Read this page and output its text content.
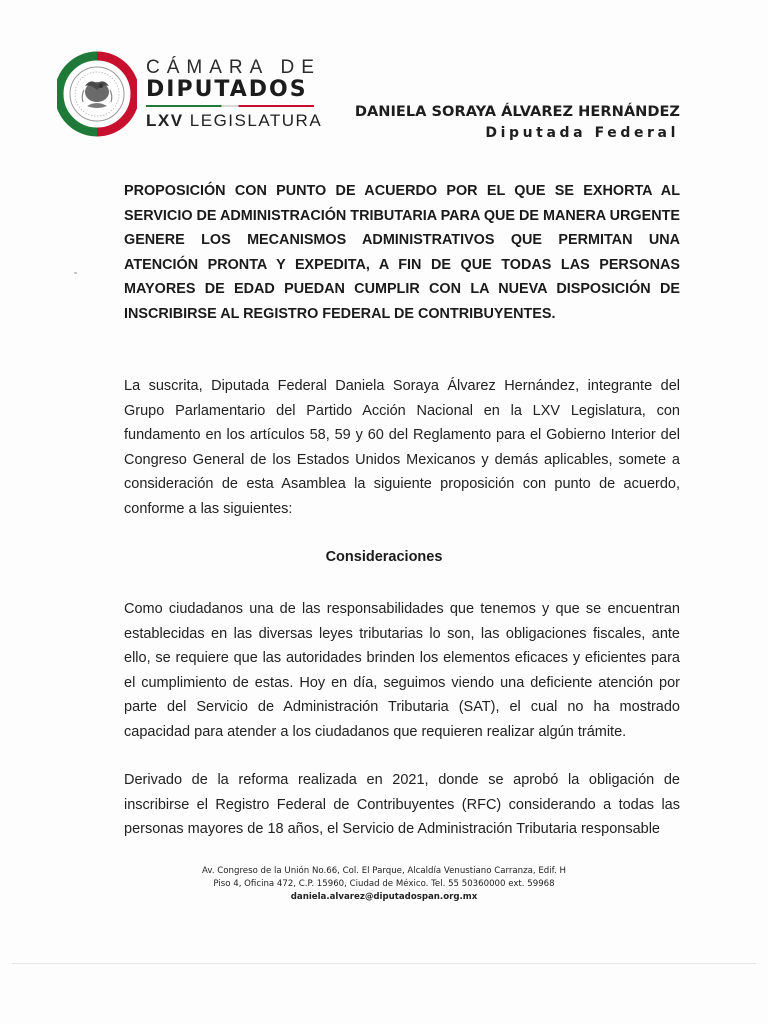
CÁMARA DE
DIPUTADOS
LXV LEGISLATURA DANIELA SORAYA ÁLVAREZ HERNÁNDEZ
Diputada Federal
PROPOSICIÓN CON PUNTO DE ACUERDO POR EL QUE SE EXHORTA AL SERVICIO DE ADMINISTRACIÓN TRIBUTARIA PARA QUE DE MANERA URGENTE GENERE LOS MECANISMOS ADMINISTRATIVOS QUE PERMITAN UNA ATENCIÓN PRONTA Y EXPEDITA, A FIN DE QUE TODAS LAS PERSONAS MAYORES DE EDAD PUEDAN CUMPLIR CON LA NUEVA DISPOSICIÓN DE INSCRIBIRSE AL REGISTRO FEDERAL DE CONTRIBUYENTES.
La suscrita, Diputada Federal Daniela Soraya Álvarez Hernández, integrante del Grupo Parlamentario del Partido Acción Nacional en la LXV Legislatura, con fundamento en los artículos 58, 59 y 60 del Reglamento para el Gobierno Interior del Congreso General de los Estados Unidos Mexicanos y demás aplicables, somete a consideración de esta Asamblea la siguiente proposición con punto de acuerdo, conforme a las siguientes:
Consideraciones
Como ciudadanos una de las responsabilidades que tenemos y que se encuentran establecidas en las diversas leyes tributarias lo son, las obligaciones fiscales, ante ello, se requiere que las autoridades brinden los elementos eficaces y eficientes para el cumplimiento de estas. Hoy en día, seguimos viendo una deficiente atención por parte del Servicio de Administración Tributaria (SAT), el cual no ha mostrado capacidad para atender a los ciudadanos que requieren realizar algún trámite.
Derivado de la reforma realizada en 2021, donde se aprobó la obligación de inscribirse el Registro Federal de Contribuyentes (RFC) considerando a todas las personas mayores de 18 años, el Servicio de Administración Tributaria responsable
Av. Congreso de la Unión No.66, Col. El Parque, Alcaldía Venustiano Carranza, Edif. H
Piso 4, Oficina 472, C.P. 15960, Ciudad de México. Tel. 55 50360000 ext. 59968
daniela.alvarez@diputadospan.org.mx
